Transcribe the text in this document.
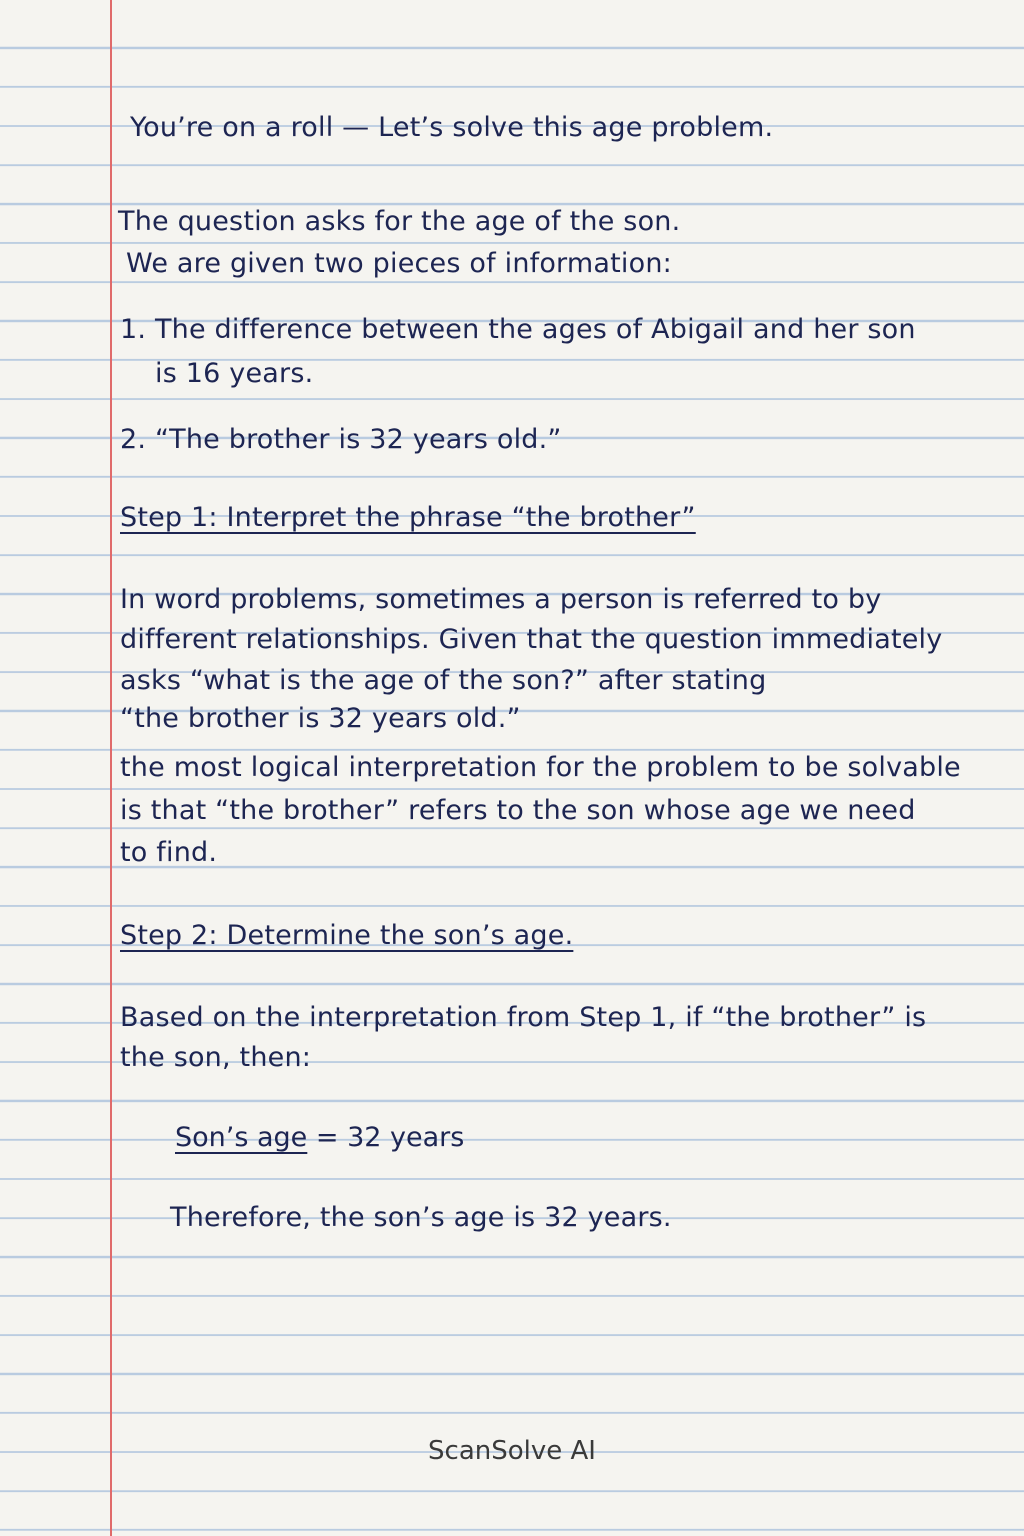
You’re on a roll — Let’s solve this age problem.

The question asks for the age of the son.

We are given two pieces of information:

1. The difference between the ages of Abigail and her son

is 16 years.

2. “The brother is 32 years old.”

Step 1: Interpret the phrase “the brother”

In word problems, sometimes a person is referred to by

different relationships. Given that the question immediately

asks “what is the age of the son?” after stating

“the brother is 32 years old.”

the most logical interpretation for the problem to be solvable

is that “the brother” refers to the son whose age we need

to find.

Step 2: Determine the son’s age.

Based on the interpretation from Step 1, if “the brother” is

the son, then:

Son’s age = 32 years

Therefore, the son’s age is 32 years.

ScanSolve AI
